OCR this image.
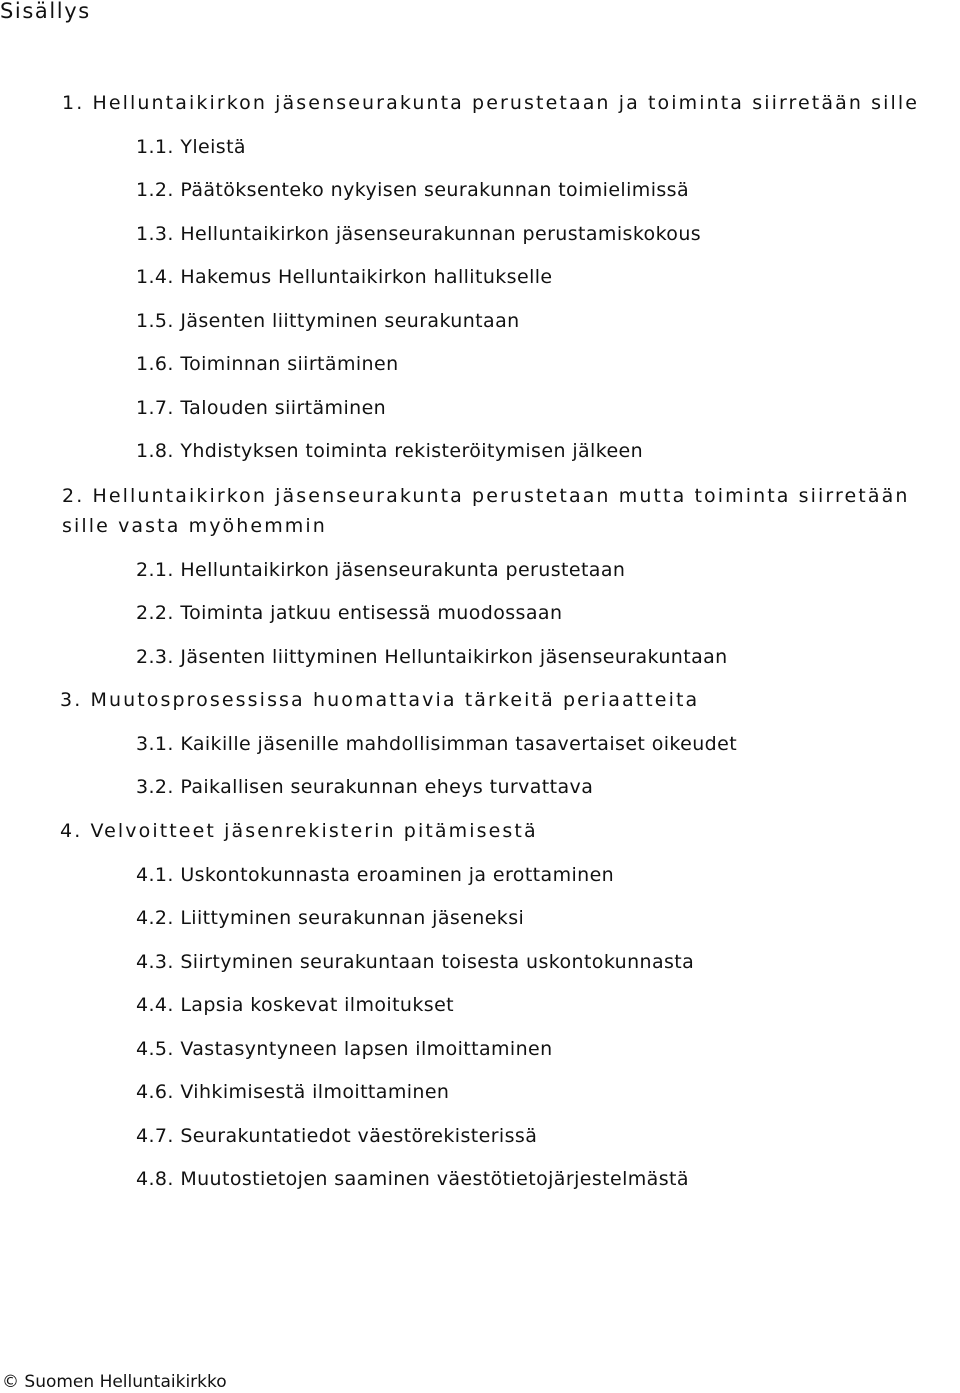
Sisällys
1. Helluntaikirkon jäsenseurakunta perustetaan ja toiminta siirretään sille
1.1. Yleistä
1.2. Päätöksenteko nykyisen seurakunnan toimielimissä
1.3. Helluntaikirkon jäsenseurakunnan perustamiskokous
1.4. Hakemus Helluntaikirkon hallitukselle
1.5. Jäsenten liittyminen seurakuntaan
1.6. Toiminnan siirtäminen
1.7. Talouden siirtäminen
1.8. Yhdistyksen toiminta rekisteröitymisen jälkeen
2. Helluntaikirkon jäsenseurakunta perustetaan mutta toiminta siirretään sille vasta myöhemmin
2.1. Helluntaikirkon jäsenseurakunta perustetaan
2.2. Toiminta jatkuu entisessä muodossaan
2.3. Jäsenten liittyminen Helluntaikirkon jäsenseurakuntaan
3. Muutosprosessissa huomattavia tärkeitä periaatteita
3.1. Kaikille jäsenille mahdollisimman tasavertaiset oikeudet
3.2. Paikallisen seurakunnan eheys turvattava
4. Velvoitteet jäsenrekisterin pitämisestä
4.1. Uskontokunnasta eroaminen ja erottaminen
4.2. Liittyminen seurakunnan jäseneksi
4.3. Siirtyminen seurakuntaan toisesta uskontokunnasta
4.4. Lapsia koskevat ilmoitukset
4.5. Vastasyntyneen lapsen ilmoittaminen
4.6. Vihkimisestä ilmoittaminen
4.7. Seurakuntatiedot väestörekisterissä
4.8. Muutostietojen saaminen väestötietojärjestelmästä
© Suomen Helluntaikirkko
